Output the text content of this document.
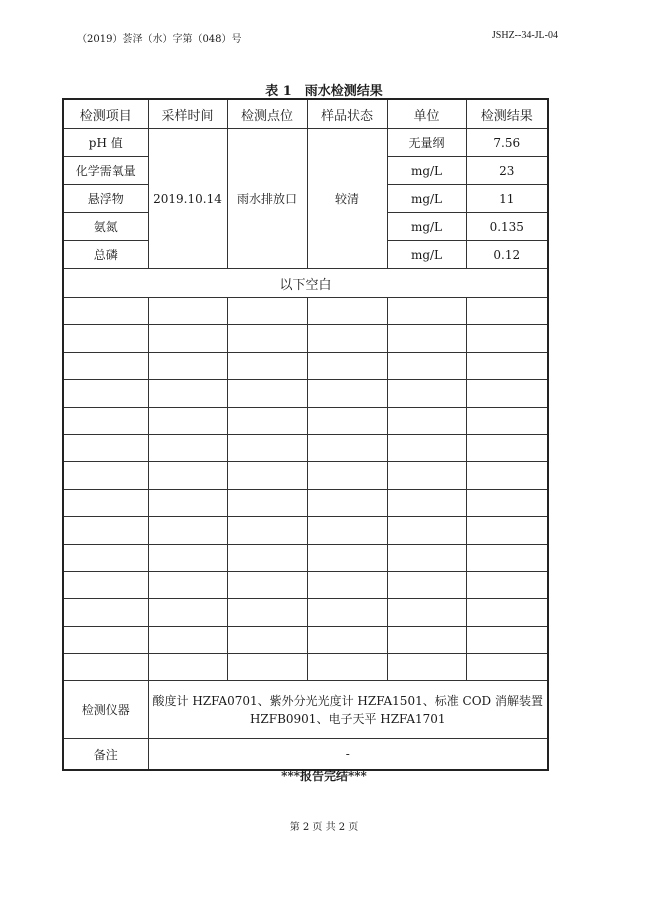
（2019）荟泽（水）字第（048）号	JSHZ--34-JL-04
表 1　雨水检测结果
检测项目	采样时间	检测点位	样品状态	单位	检测结果
pH 值	2019.10.14	雨水排放口	较清	无量纲	7.56
化学需氧量				mg/L	23
悬浮物				mg/L	11
氨氮				mg/L	0.135
总磷				mg/L	0.12
以下空白					

检测仪器	酸度计 HZFA0701、紫外分光光度计 HZFA1501、标准 COD 消解装置
HZFB0901、电子天平 HZFA1701				

备注	-				
***报告完结***
第 2 页 共 2 页
